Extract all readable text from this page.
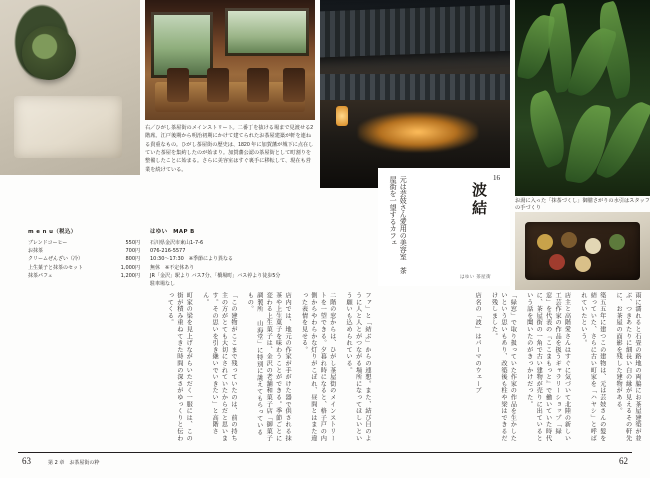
お湯に入った「抹茶づくし」御膳さがりの水引はスタッフの手づくり
右／ひがし茶屋街のメインストリート。二番丁を抜ける場まで見渡せる2階席。江戸後期から明治初期にかけて建てられたお茶屋建築が軒を連ねる貴重なもの。ひがし茶屋街の歴史は、1820 年に加賀藩が城下に点在していた茶屋を集約したのが始まり。加賀藩公認の茶屋街として町割りを整備したことに始まる。さらに美容室はすぐ裏手に移転して、現在も営業を続けている。
16
波結
はゆい 茶屋街
元は芸妓さん愛用の美容室　茶屋街を一望するカフェ
m e n u（税込）
ブレンドコーヒー	550円
お抹茶	700円
クリームぜんざい（冷）	800円
上生菓子と抹茶のセット	1,000円
抹茶パフェ	1,200円
はゆい　MAP B
石川県金沢市東山1-7-6
076-216-5577
10:30〜17:30　※季節により異なる
無休　※不定休あり
JR「金沢」駅より バス7分、「橋場町」バス停より徒歩5分
駐車場なし
雨に濡れると石畳の路地の両脇にお茶屋建築が並ぶ、つきあたりに細長い白の縁が見えるその軒先に、お茶屋の面影を残した建物がある。
築五五年に建つこの建物は、元は芸妓さんの髪を結っていた、さらに古い町家を「ハヤシ」と呼ばれていたという。
店主と高階愛さんはすぐに気づいて北陸の新しい工芸作家の作品を扱うギャラリーショップ「緑窓」を代表の『ここまもっと』で働いていた時代に、茶屋街の一角で古い建物が売りに出ているという話を聞いたのがきっかけだった。
「緑窓」で取り扱っていた作家の作品を生かしたいという思いもあり、改築後も柱や梁はできるだけ残しました。
店名の「波」はパーマのウェーブ
ファ」と「結ぶ」からの連想。また、結び目のように人と人とがつながる場所になってほしいという願いも込められている。
二階の窓からは、ひがし茶屋街のメインストリートを一望できる。夕暮れ時になると、格子戸の内側からやわらかな灯りがこぼれ、昼間とはまた違った表情を見せる。
店内では、地元の作家が手がけた器で供される抹茶や上生菓子を味わうことができる。季節ごとに変わる上生菓子は、金沢の老舗和菓子店「御菓子調製所 山海堂」に特別に誂えてもらっているもの。
「この建物がここまで残っていたのは、前の持ち主の方がとても大切にされていたからだと思います。その思いを引き継いでいきたい」と高階さん。
町家の梁を見上げながらいただく一服には、この街が積み重ねてきた時間の深さがゆっくりと伝わってくる。
63	第 2 章　お茶屋街の粋	62
